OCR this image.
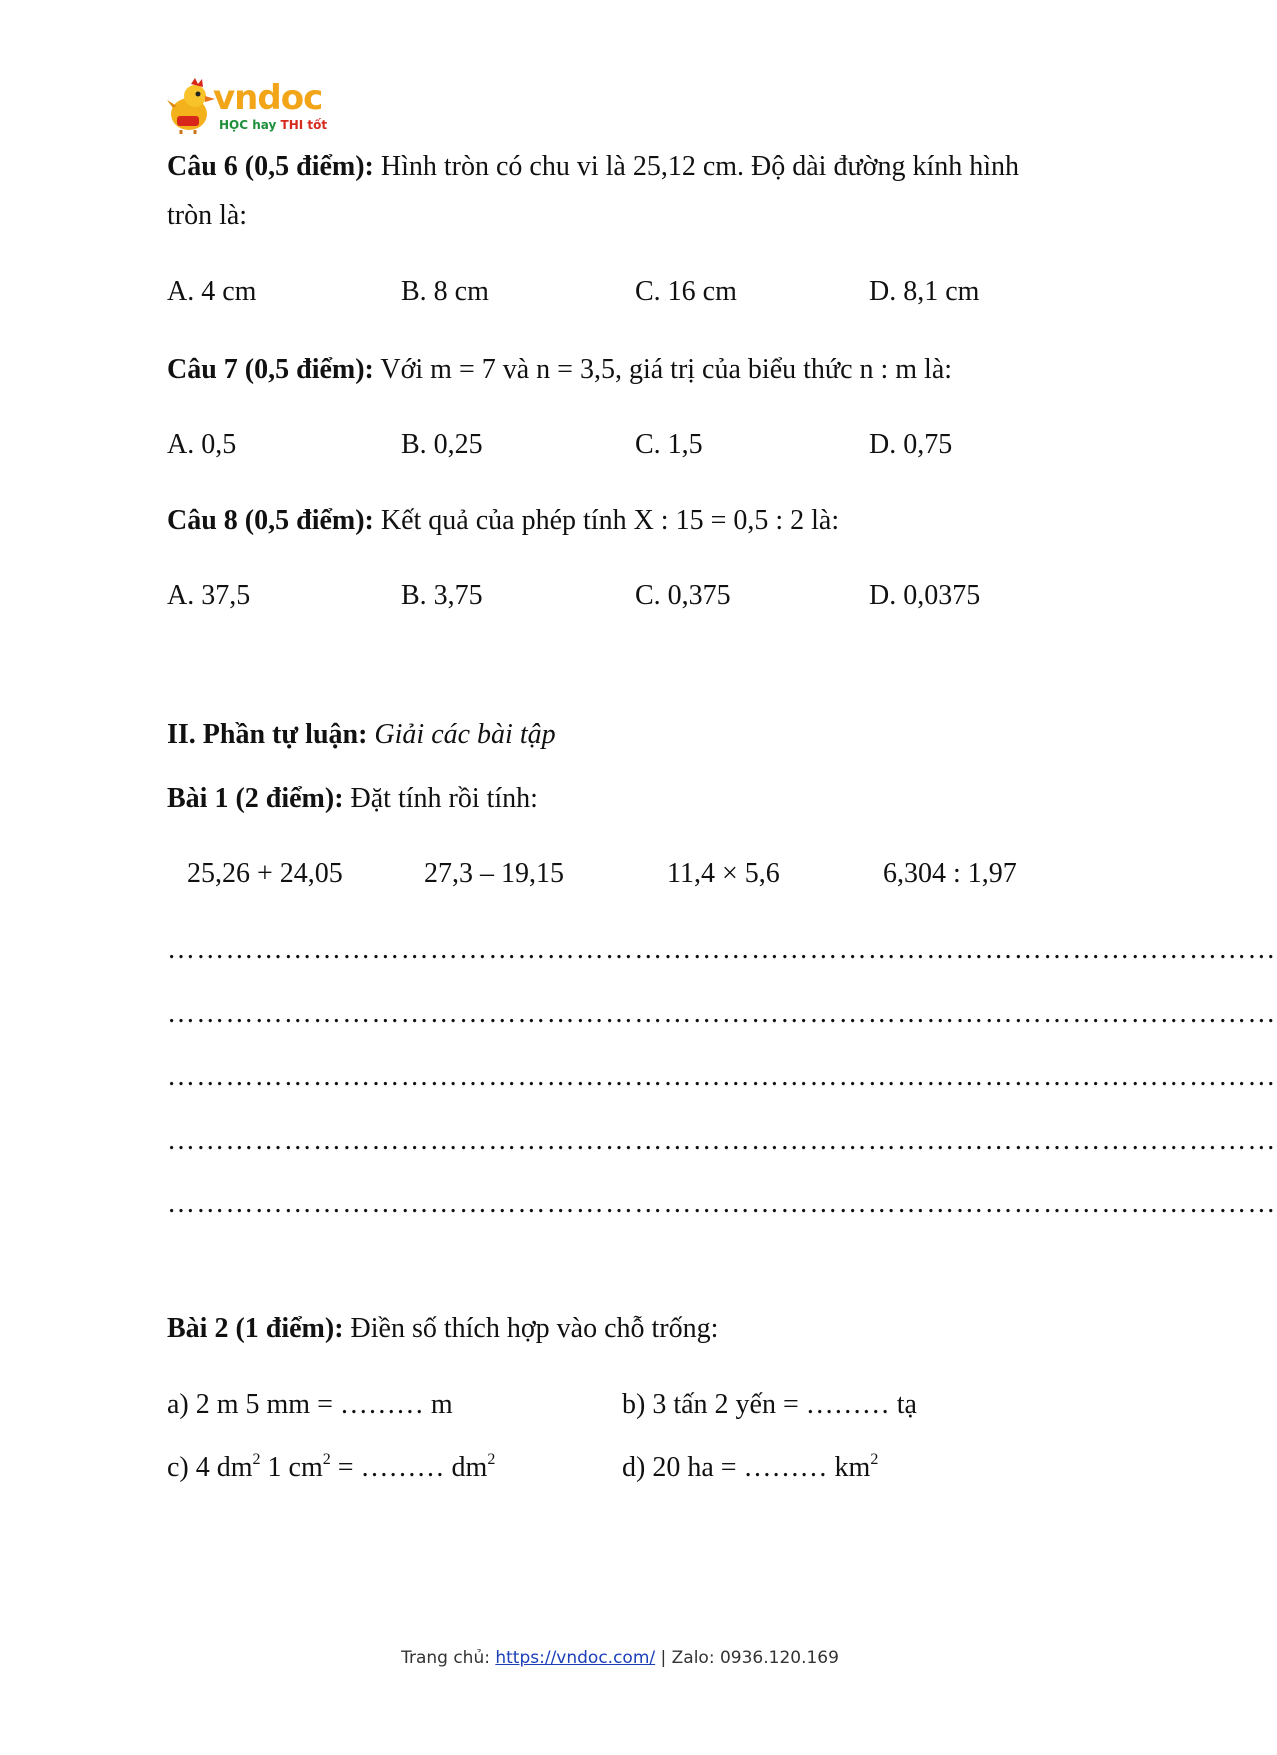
vndoc
HỌC hay THI tốt
Câu 6 (0,5 điểm): Hình tròn có chu vi là 25,12 cm. Độ dài đường kính hình
tròn là:
A. 4 cm	B. 8 cm	C. 16 cm	D. 8,1 cm
Câu 7 (0,5 điểm): Với m = 7 và n = 3,5, giá trị của biểu thức n : m là:
A. 0,5	B. 0,25	C. 1,5	D. 0,75
Câu 8 (0,5 điểm): Kết quả của phép tính X : 15 = 0,5 : 2 là:
A. 37,5	B. 3,75	C. 0,375	D. 0,0375
II. Phần tự luận: Giải các bài tập
Bài 1 (2 điểm): Đặt tính rồi tính:
25,26 + 24,05	27,3 – 19,15	11,4 × 5,6	6,304 : 1,97
……………………………………………………………………………………………………
……………………………………………………………………………………………………
……………………………………………………………………………………………………
……………………………………………………………………………………………………
……………………………………………………………………………………………………
Bài 2 (1 điểm): Điền số thích hợp vào chỗ trống:
a) 2 m 5 mm = ……… m	b) 3 tấn 2 yến = ……… tạ
c) 4 $dm^2$ 1 $cm^2$ = ……… $dm^2$	d) 20 ha = ……… $km^2$
Trang chủ: https://vndoc.com/ | Zalo: 0936.120.169
